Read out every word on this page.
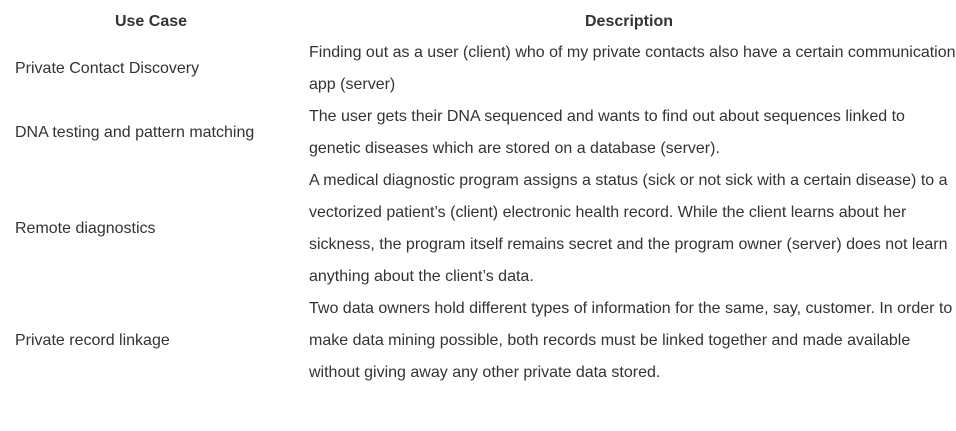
Use Case	Description
Private Contact Discovery	Finding out as a user (client) who of my private contacts also have a certain communication app (server)
DNA testing and pattern matching	The user gets their DNA sequenced and wants to find out about sequences linked to genetic diseases which are stored on a database (server).
Remote diagnostics	A medical diagnostic program assigns a status (sick or not sick with a certain disease) to a vectorized patient’s (client) electronic health record. While the client learns about her sickness, the program itself remains secret and the program owner (server) does not learn anything about the client’s data.
Private record linkage	Two data owners hold different types of information for the same, say, customer. In order to make data mining possible, both records must be linked together and made available without giving away any other private data stored.
